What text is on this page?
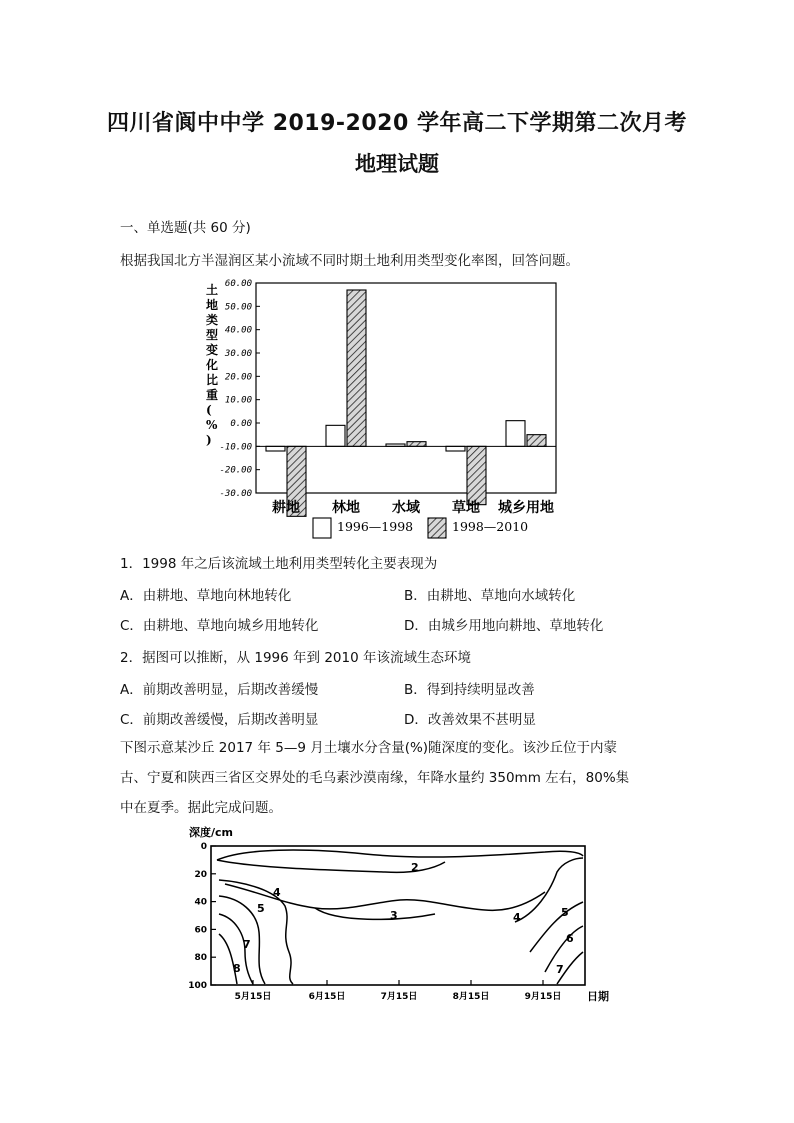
四川省阆中中学 2019-2020 学年高二下学期第二次月考
地理试题
一、单选题(共 60 分)
根据我国北方半湿润区某小流域不同时期土地利用类型变化率图，回答问题。
土地类型变化比重( % )
60.00
50.00
40.00
30.00
20.00
10.00
0.00
-10.00
-20.00
-30.00
耕地 林地 水域 草地 城乡用地
1996—1998	1998—2010
1．1998 年之后该流域土地利用类型转化主要表现为
A．由耕地、草地向林地转化	B．由耕地、草地向水域转化
C．由耕地、草地向城乡用地转化	D．由城乡用地向耕地、草地转化
2．据图可以推断，从 1996 年到 2010 年该流域生态环境
A．前期改善明显，后期改善缓慢	B．得到持续明显改善
C．前期改善缓慢，后期改善明显	D．改善效果不甚明显
下图示意某沙丘 2017 年 5—9 月土壤水分含量(%)随深度的变化。该沙丘位于内蒙古、宁夏和陕西三省区交界处的毛乌素沙漠南缘，年降水量约 350mm 左右，80%集中在夏季。据此完成问题。
深度/cm
0
20
40
60
80
100
5月15日	6月15日	7月15日	8月15日	9月15日
2
3
4
4
5	5
6
7
7
8
日期
